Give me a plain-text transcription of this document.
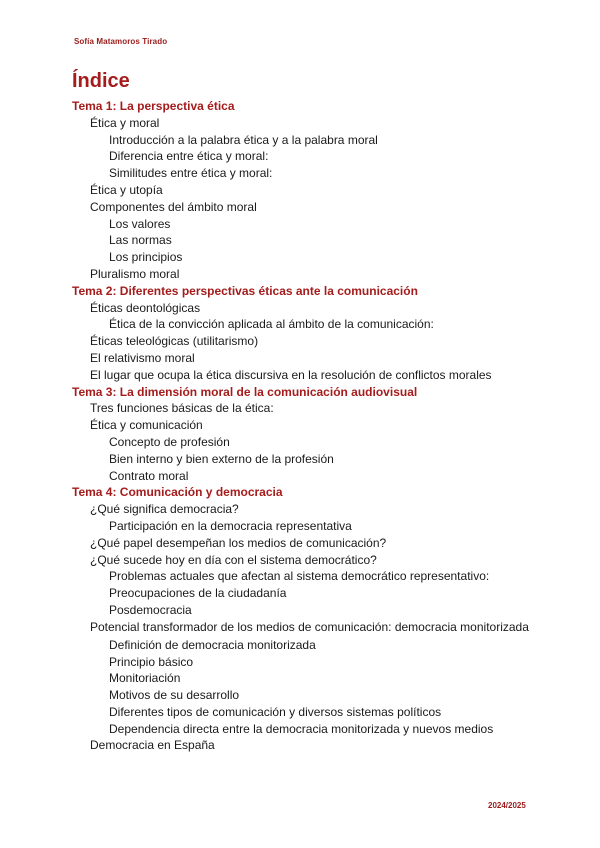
Sofía Matamoros Tirado
Índice
Tema 1: La perspectiva ética
Ética y moral
Introducción a la palabra ética y a la palabra moral
Diferencia entre ética y moral:
Similitudes entre ética y moral:
Ética y utopía
Componentes del ámbito moral
Los valores
Las normas
Los principios
Pluralismo moral
Tema 2: Diferentes perspectivas éticas ante la comunicación
Éticas deontológicas
Ética de la convicción aplicada al ámbito de la comunicación:
Éticas teleológicas (utilitarismo)
El relativismo moral
El lugar que ocupa la ética discursiva en la resolución de conflictos morales
Tema 3: La dimensión moral de la comunicación audiovisual
Tres funciones básicas de la ética:
Ética y comunicación
Concepto de profesión
Bien interno y bien externo de la profesión
Contrato moral
Tema 4: Comunicación y democracia
¿Qué significa democracia?
Participación en la democracia representativa
¿Qué papel desempeñan los medios de comunicación?
¿Qué sucede hoy en día con el sistema democrático?
Problemas actuales que afectan al sistema democrático representativo:
Preocupaciones de la ciudadanía
Posdemocracia
Potencial transformador de los medios de comunicación: democracia monitorizada
Definición de democracia monitorizada
Principio básico
Monitoriación
Motivos de su desarrollo
Diferentes tipos de comunicación y diversos sistemas políticos
Dependencia directa entre la democracia monitorizada y nuevos medios
Democracia en España
2024/2025
